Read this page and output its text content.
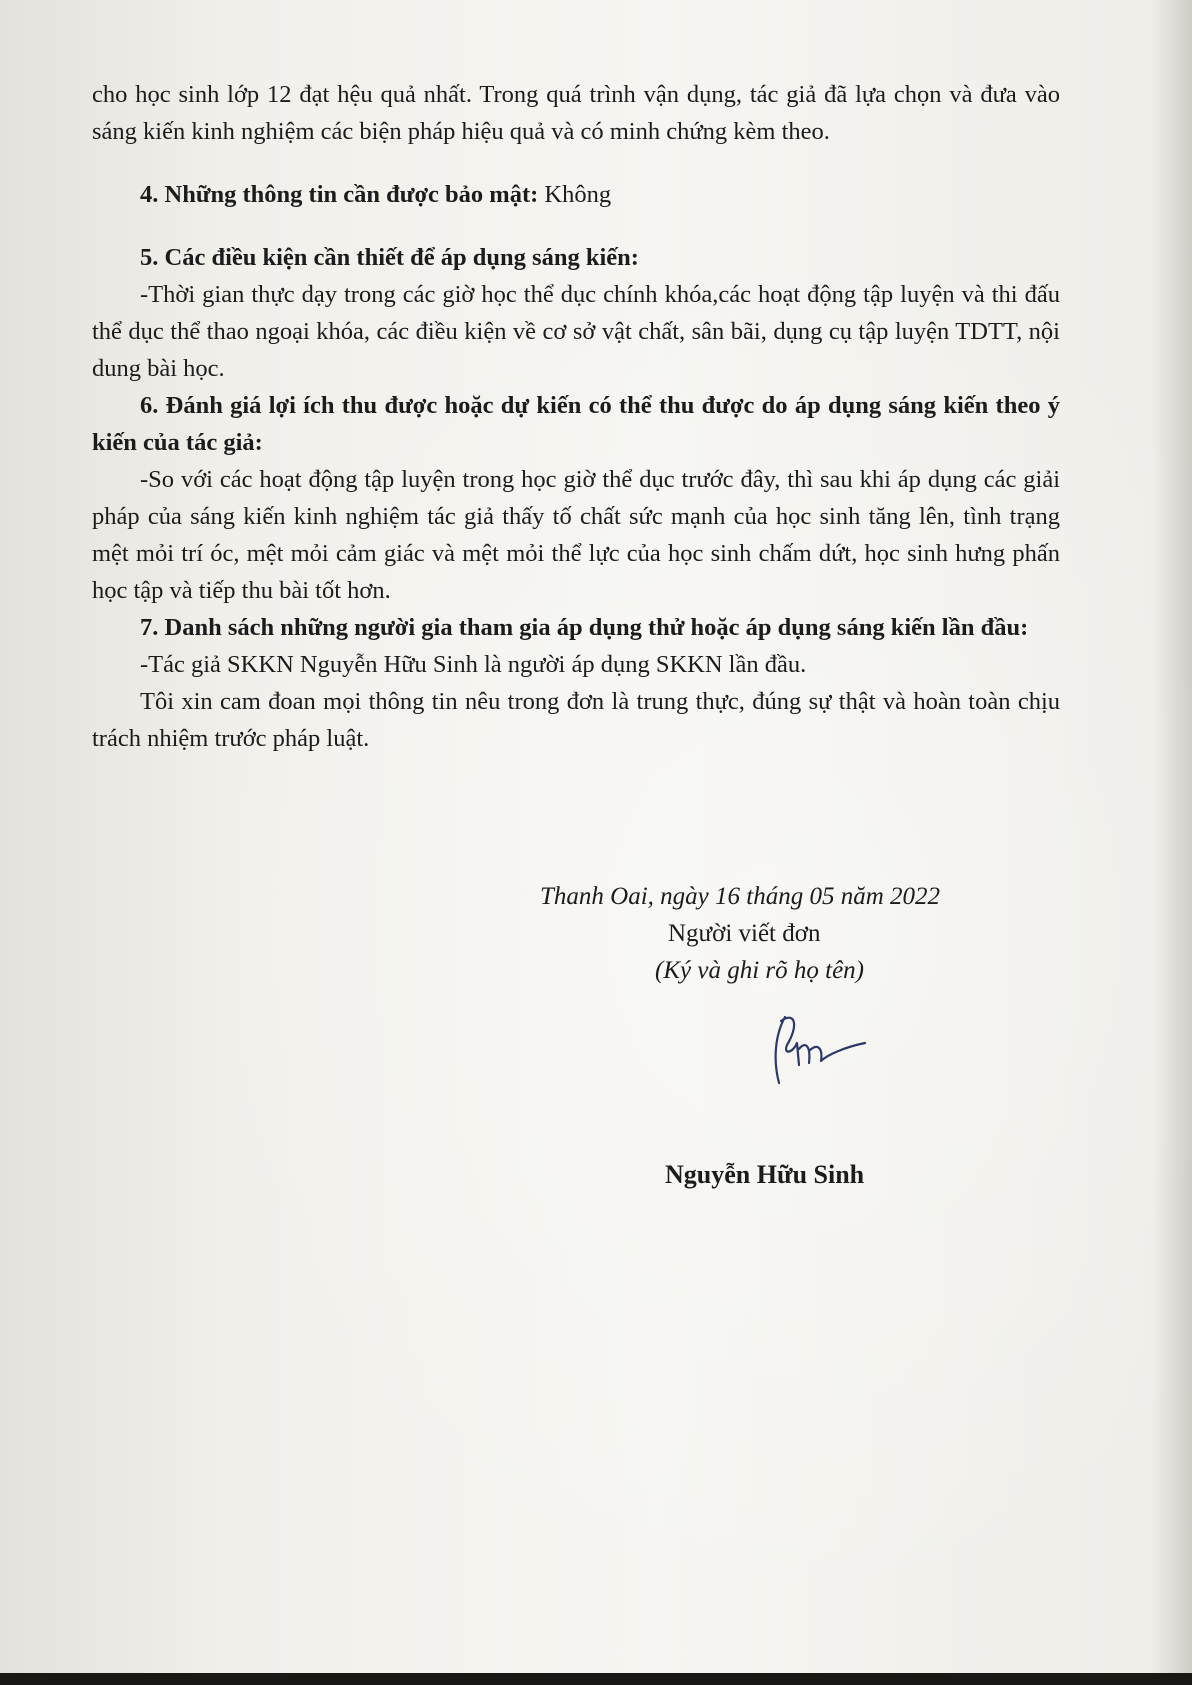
cho học sinh lớp 12 đạt hệu quả nhất. Trong quá trình vận dụng, tác giả đã lựa chọn và đưa vào sáng kiến kinh nghiệm các biện pháp hiệu quả và có minh chứng kèm theo.

4. Những thông tin cần được bảo mật: Không

5. Các điều kiện cần thiết để áp dụng sáng kiến:

-Thời gian thực dạy trong các giờ học thể dục chính khóa,các hoạt động tập luyện và thi đấu thể dục thể thao ngoại khóa, các điều kiện về cơ sở vật chất, sân bãi, dụng cụ tập luyện TDTT, nội dung bài học.

6. Đánh giá lợi ích thu được hoặc dự kiến có thể thu được do áp dụng sáng kiến theo ý kiến của tác giả:

-So với các hoạt động tập luyện trong học giờ thể dục trước đây, thì sau khi áp dụng các giải pháp của sáng kiến kinh nghiệm tác giả thấy tố chất sức mạnh của học sinh tăng lên, tình trạng mệt mỏi trí óc, mệt mỏi cảm giác và mệt mỏi thể lực của học sinh chấm dứt, học sinh hưng phấn học tập và tiếp thu bài tốt hơn.

7. Danh sách những người gia tham gia áp dụng thử hoặc áp dụng sáng kiến lần đầu:

-Tác giả SKKN Nguyễn Hữu Sinh là người áp dụng SKKN lần đầu.

Tôi xin cam đoan mọi thông tin nêu trong đơn là trung thực, đúng sự thật và hoàn toàn chịu trách nhiệm trước pháp luật.

Thanh Oai, ngày 16 tháng 05 năm 2022
Người viết đơn
(Ký và ghi rõ họ tên)
Nguyễn Hữu Sinh
